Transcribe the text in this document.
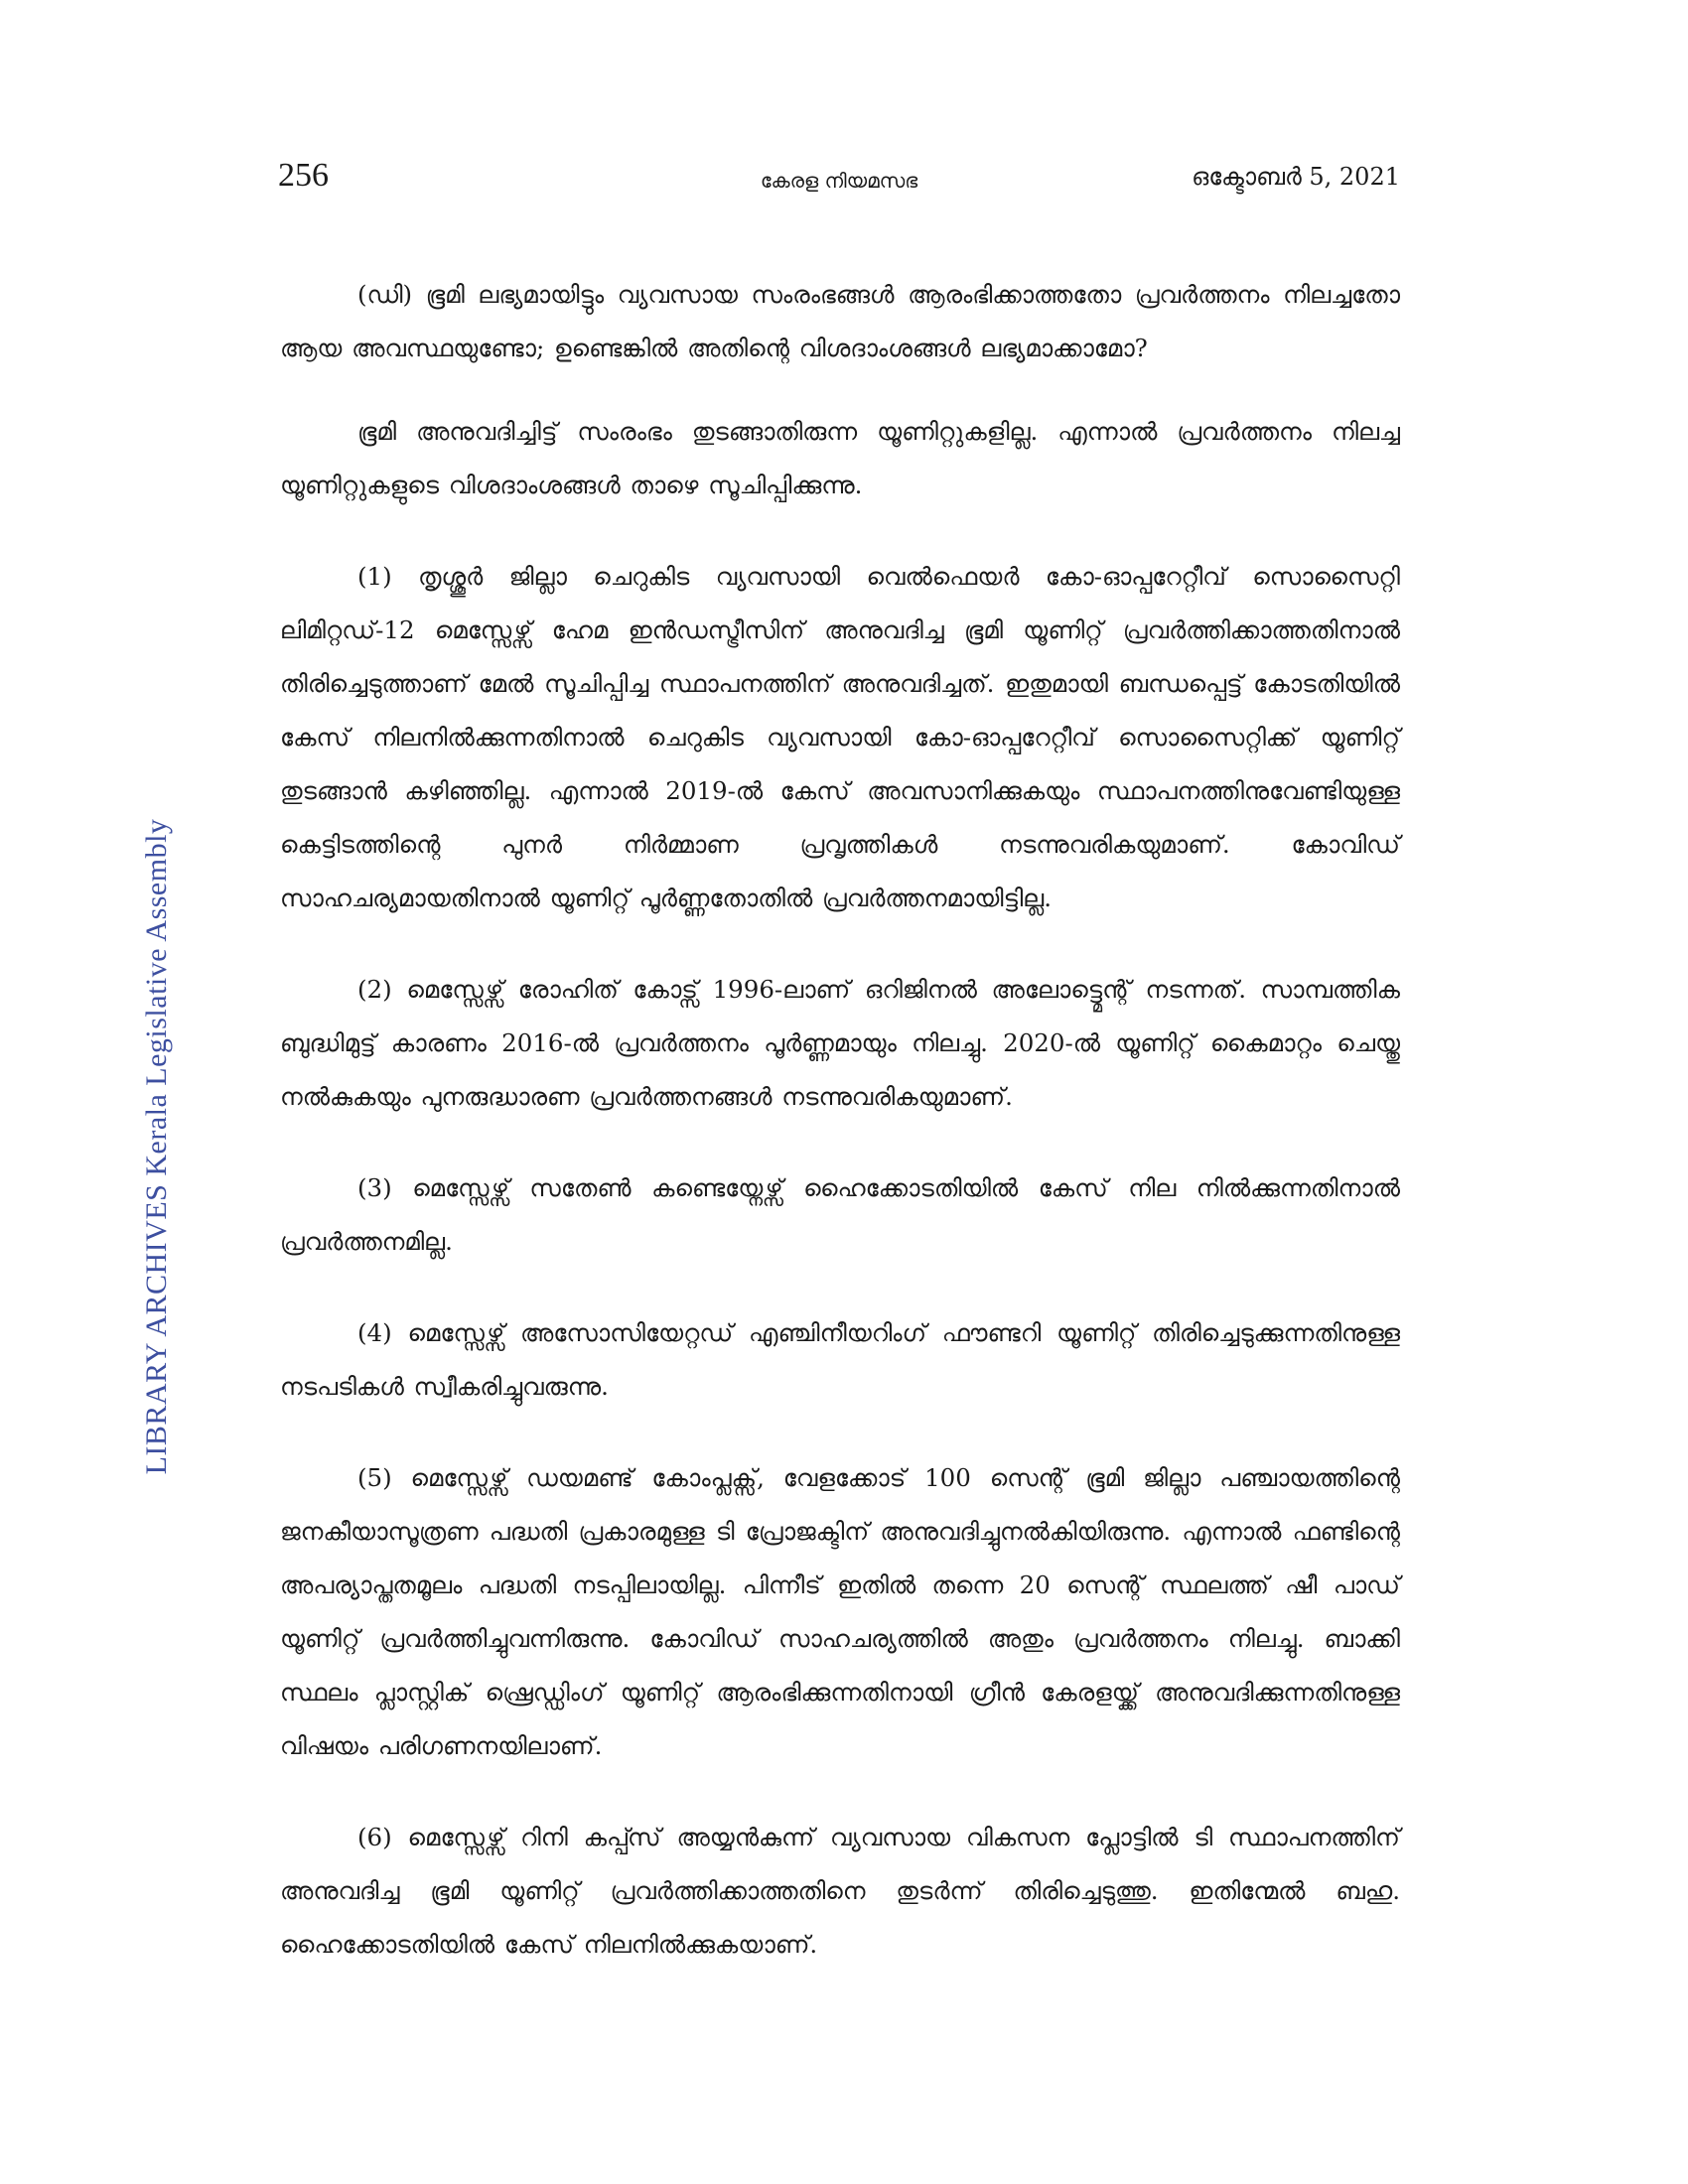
256	കേരള നിയമസഭ	ഒക്ടോബർ 5, 2021
LIBRARY ARCHIVES Kerala Legislative Assembly

(ഡി) ഭൂമി ലഭ്യമായിട്ടും വ്യവസായ സംരംഭങ്ങൾ ആരംഭിക്കാത്തതോ പ്രവർത്തനം നിലച്ചതോ ആയ അവസ്ഥയുണ്ടോ; ഉണ്ടെങ്കിൽ അതിന്റെ വിശദാംശങ്ങൾ ലഭ്യമാക്കാമോ?

ഭൂമി അനുവദിച്ചിട്ട് സംരംഭം തുടങ്ങാതിരുന്ന യൂണിറ്റുകളില്ല. എന്നാൽ പ്രവർത്തനം നിലച്ച യൂണിറ്റുകളുടെ വിശദാംശങ്ങൾ താഴെ സൂചിപ്പിക്കുന്നു.

(1) തൃശ്ശൂർ ജില്ലാ ചെറുകിട വ്യവസായി വെൽഫെയർ കോ-ഓപ്പറേറ്റീവ് സൊസൈറ്റി ലിമിറ്റഡ്-12 മെസ്സേഴ്സ് ഹേമ ഇൻഡസ്ട്രീസിന് അനുവദിച്ച ഭൂമി യൂണിറ്റ് പ്രവർത്തിക്കാത്തതിനാൽ തിരിച്ചെടുത്താണ് മേൽ സൂചിപ്പിച്ച സ്ഥാപനത്തിന് അനുവദിച്ചത്. ഇതുമായി ബന്ധപ്പെട്ട് കോടതിയിൽ കേസ് നിലനിൽക്കുന്നതിനാൽ ചെറുകിട വ്യവസായി കോ-ഓപ്പറേറ്റീവ് സൊസൈറ്റിക്ക് യൂണിറ്റ് തുടങ്ങാൻ കഴിഞ്ഞില്ല. എന്നാൽ 2019-ൽ കേസ് അവസാനിക്കുകയും സ്ഥാപനത്തിനുവേണ്ടിയുള്ള കെട്ടിടത്തിന്റെ പുനർ നിർമ്മാണ പ്രവൃത്തികൾ നടന്നുവരികയുമാണ്. കോവിഡ് സാഹചര്യമായതിനാൽ യൂണിറ്റ് പൂർണ്ണതോതിൽ പ്രവർത്തനമായിട്ടില്ല.

(2) മെസ്സേഴ്സ് രോഹിത് കോട്സ് 1996-ലാണ് ഒറിജിനൽ അലോട്ട്മെന്റ് നടന്നത്. സാമ്പത്തിക ബുദ്ധിമുട്ട് കാരണം 2016-ൽ പ്രവർത്തനം പൂർണ്ണമായും നിലച്ചു. 2020-ൽ യൂണിറ്റ് കൈമാറ്റം ചെയ്തു നൽകുകയും പുനരുദ്ധാരണ പ്രവർത്തനങ്ങൾ നടന്നുവരികയുമാണ്.

(3) മെസ്സേഴ്സ് സതേൺ കണ്ടെയ്നേഴ്സ് ഹൈക്കോടതിയിൽ കേസ് നില നിൽക്കുന്നതിനാൽ പ്രവർത്തനമില്ല.

(4) മെസ്സേഴ്സ് അസോസിയേറ്റഡ് എഞ്ചിനീയറിംഗ് ഫൗണ്ടറി യൂണിറ്റ് തിരിച്ചെടുക്കുന്നതിനുള്ള നടപടികൾ സ്വീകരിച്ചുവരുന്നു.

(5) മെസ്സേഴ്സ് ഡയമണ്ട് കോംപ്ലക്സ്, വേളക്കോട് 100 സെന്റ് ഭൂമി ജില്ലാ പഞ്ചായത്തിന്റെ ജനകീയാസൂത്രണ പദ്ധതി പ്രകാരമുള്ള ടി പ്രോജക്ടിന് അനുവദിച്ചുനൽകിയിരുന്നു. എന്നാൽ ഫണ്ടിന്റെ അപര്യാപ്തതമൂലം പദ്ധതി നടപ്പിലായില്ല. പിന്നീട് ഇതിൽ തന്നെ 20 സെന്റ് സ്ഥലത്ത് ഷീ പാഡ് യൂണിറ്റ് പ്രവർത്തിച്ചുവന്നിരുന്നു. കോവിഡ് സാഹചര്യത്തിൽ അതും പ്രവർത്തനം നിലച്ചു. ബാക്കി സ്ഥലം പ്ലാസ്റ്റിക് ഷ്രെഡ്ഡിംഗ് യൂണിറ്റ് ആരംഭിക്കുന്നതിനായി ഗ്രീൻ കേരളയ്ക്ക് അനുവദിക്കുന്നതിനുള്ള വിഷയം പരിഗണനയിലാണ്.

(6) മെസ്സേഴ്സ് റിനി കപ്പ്സ് അയ്യൻകുന്ന് വ്യവസായ വികസന പ്ലോട്ടിൽ ടി സ്ഥാപനത്തിന് അനുവദിച്ച ഭൂമി യൂണിറ്റ് പ്രവർത്തിക്കാത്തതിനെ തുടർന്ന് തിരിച്ചെടുത്തു. ഇതിന്മേൽ ബഹു. ഹൈക്കോടതിയിൽ കേസ് നിലനിൽക്കുകയാണ്.
